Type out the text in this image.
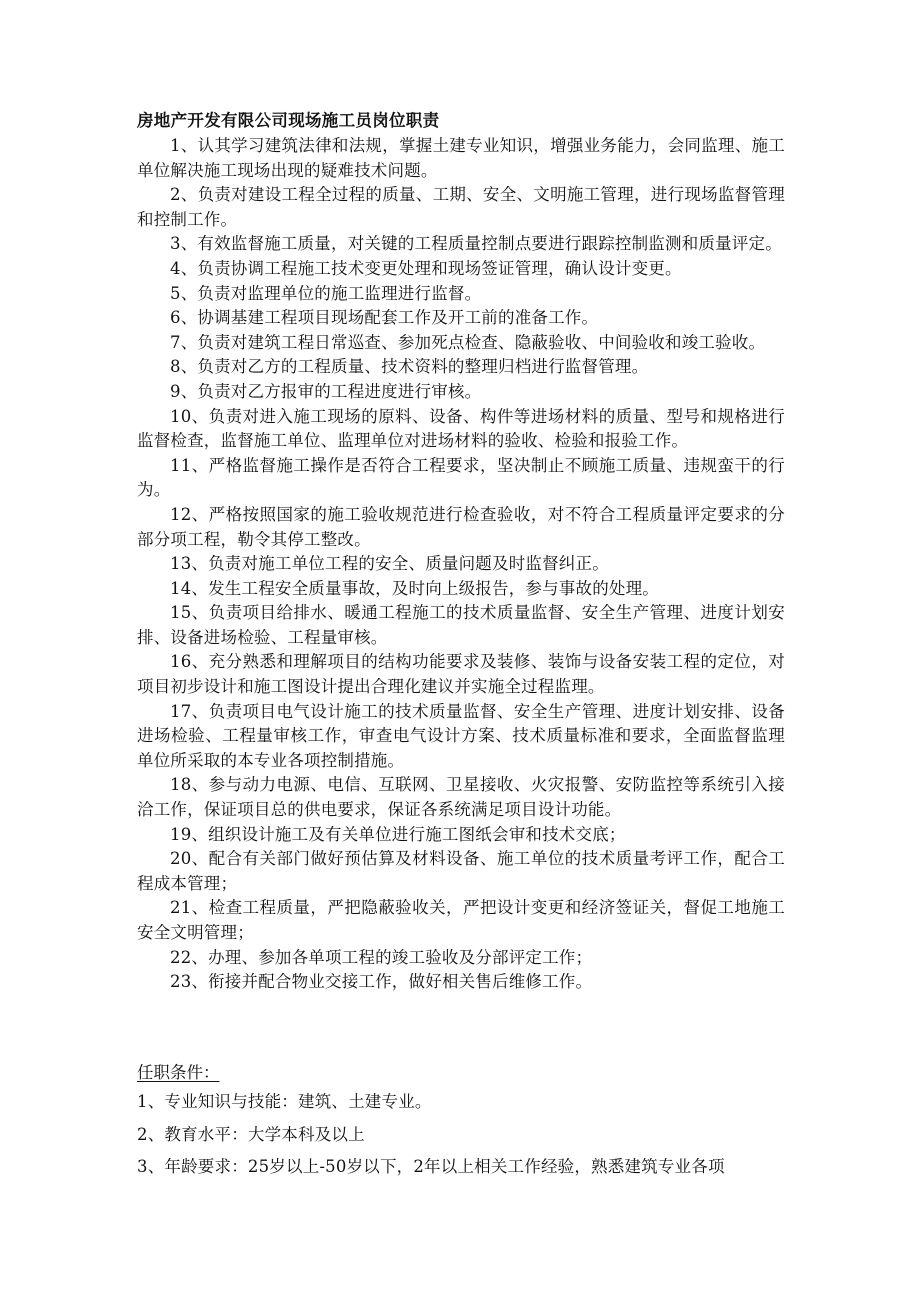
房地产开发有限公司现场施工员岗位职责

1、认其学习建筑法律和法规，掌握土建专业知识，增强业务能力，会同监理、施工单位解决施工现场出现的疑难技术问题。

2、负责对建设工程全过程的质量、工期、安全、文明施工管理，进行现场监督管理和控制工作。

3、有效监督施工质量，对关键的工程质量控制点要进行跟踪控制监测和质量评定。

4、负责协调工程施工技术变更处理和现场签证管理，确认设计变更。

5、负责对监理单位的施工监理进行监督。

6、协调基建工程项目现场配套工作及开工前的准备工作。

7、负责对建筑工程日常巡查、参加死点检查、隐蔽验收、中间验收和竣工验收。

8、负责对乙方的工程质量、技术资料的整理归档进行监督管理。

9、负责对乙方报审的工程进度进行审核。

10、负责对进入施工现场的原料、设备、构件等进场材料的质量、型号和规格进行监督检查，监督施工单位、监理单位对进场材料的验收、检验和报验工作。

11、严格监督施工操作是否符合工程要求，坚决制止不顾施工质量、违规蛮干的行为。

12、严格按照国家的施工验收规范进行检查验收，对不符合工程质量评定要求的分部分项工程，勒令其停工整改。

13、负责对施工单位工程的安全、质量问题及时监督纠正。

14、发生工程安全质量事故，及时向上级报告，参与事故的处理。

15、负责项目给排水、暖通工程施工的技术质量监督、安全生产管理、进度计划安排、设备进场检验、工程量审核。

16、充分熟悉和理解项目的结构功能要求及装修、装饰与设备安装工程的定位，对项目初步设计和施工图设计提出合理化建议并实施全过程监理。

17、负责项目电气设计施工的技术质量监督、安全生产管理、进度计划安排、设备进场检验、工程量审核工作，审查电气设计方案、技术质量标准和要求，全面监督监理单位所采取的本专业各项控制措施。

18、参与动力电源、电信、互联网、卫星接收、火灾报警、安防监控等系统引入接洽工作，保证项目总的供电要求，保证各系统满足项目设计功能。

19、组织设计施工及有关单位进行施工图纸会审和技术交底；

20、配合有关部门做好预估算及材料设备、施工单位的技术质量考评工作，配合工程成本管理；

21、检查工程质量，严把隐蔽验收关，严把设计变更和经济签证关，督促工地施工安全文明管理；

22、办理、参加各单项工程的竣工验收及分部评定工作；

23、衔接并配合物业交接工作，做好相关售后维修工作。

任职条件：

1、专业知识与技能：建筑、土建专业。

2、教育水平：大学本科及以上

3、年龄要求：25岁以上-50岁以下，2年以上相关工作经验，熟悉建筑专业各项
